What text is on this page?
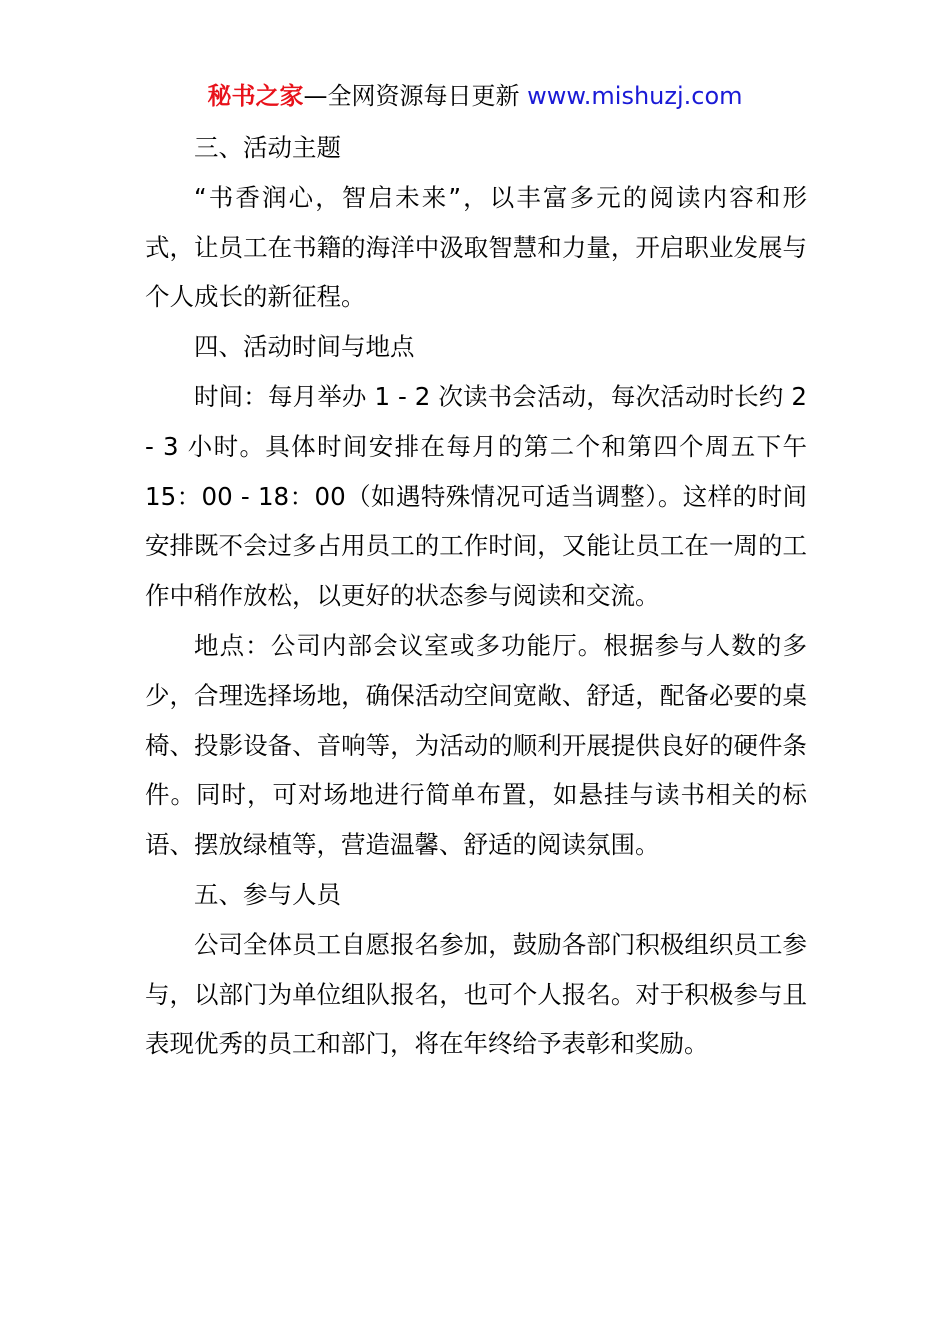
秘书之家—全网资源每日更新 www.mishuzj.com

三、活动主题

“书香润心，智启未来”，以丰富多元的阅读内容和形式，让员工在书籍的海洋中汲取智慧和力量，开启职业发展与个人成长的新征程。

四、活动时间与地点

时间：每月举办 1 - 2 次读书会活动，每次活动时长约 2 - 3 小时。具体时间安排在每月的第二个和第四个周五下午 15：00 - 18：00（如遇特殊情况可适当调整）。这样的时间安排既不会过多占用员工的工作时间，又能让员工在一周的工作中稍作放松，以更好的状态参与阅读和交流。

地点：公司内部会议室或多功能厅。根据参与人数的多少，合理选择场地，确保活动空间宽敞、舒适，配备必要的桌椅、投影设备、音响等，为活动的顺利开展提供良好的硬件条件。同时，可对场地进行简单布置，如悬挂与读书相关的标语、摆放绿植等，营造温馨、舒适的阅读氛围。

五、参与人员

公司全体员工自愿报名参加，鼓励各部门积极组织员工参与，以部门为单位组队报名，也可个人报名。对于积极参与且表现优秀的员工和部门，将在年终给予表彰和奖励。
